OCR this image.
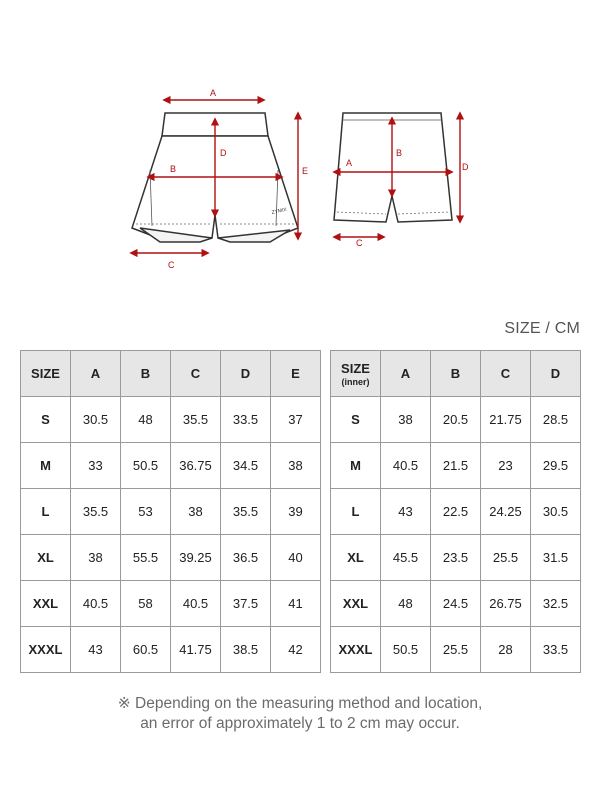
ZYMIX
A
B
C
D
E
A
B
C
D
SIZE / CM
SIZE	A	B	C	D	E
S	30.5	48	35.5	33.5	37
M	33	50.5	36.75	34.5	38
L	35.5	53	38	35.5	39
XL	38	55.5	39.25	36.5	40
XXL	40.5	58	40.5	37.5	41
XXXL	43	60.5	41.75	38.5	42
SIZE
(inner)	A	B	C	D
S	38	20.5	21.75	28.5
M	40.5	21.5	23	29.5
L	43	22.5	24.25	30.5
XL	45.5	23.5	25.5	31.5
XXL	48	24.5	26.75	32.5
XXXL	50.5	25.5	28	33.5
※ Depending on the measuring method and location,
an error of approximately 1 to 2 cm may occur.
